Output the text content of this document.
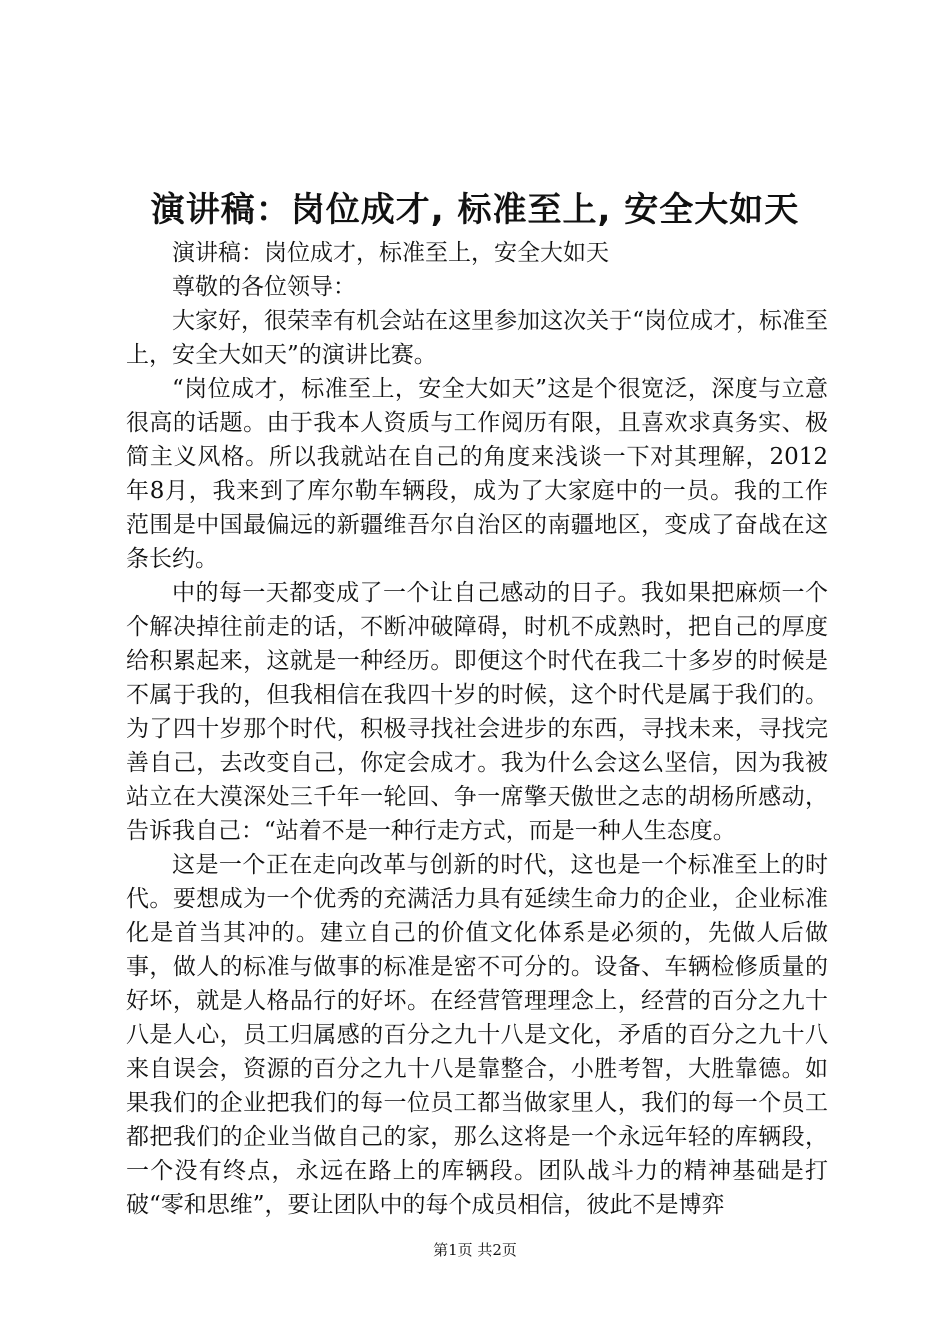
演讲稿：岗位成才, 标准至上, 安全大如天

演讲稿：岗位成才，标准至上，安全大如天

尊敬的各位领导：

大家好，很荣幸有机会站在这里参加这次关于“岗位成才，标准至上，安全大如天”的演讲比赛。

“岗位成才，标准至上，安全大如天”这是个很宽泛，深度与立意很高的话题。由于我本人资质与工作阅历有限，且喜欢求真务实、极简主义风格。所以我就站在自己的角度来浅谈一下对其理解，2012年8月，我来到了库尔勒车辆段，成为了大家庭中的一员。我的工作范围是中国最偏远的新疆维吾尔自治区的南疆地区，变成了奋战在这条长约。

中的每一天都变成了一个让自己感动的日子。我如果把麻烦一个个解决掉往前走的话，不断冲破障碍，时机不成熟时，把自己的厚度给积累起来，这就是一种经历。即便这个时代在我二十多岁的时候是不属于我的，但我相信在我四十岁的时候，这个时代是属于我们的。为了四十岁那个时代，积极寻找社会进步的东西，寻找未来，寻找完善自己，去改变自己，你定会成才。我为什么会这么坚信，因为我被站立在大漠深处三千年一轮回、争一席擎天傲世之志的胡杨所感动，告诉我自己：“站着不是一种行走方式，而是一种人生态度。

这是一个正在走向改革与创新的时代，这也是一个标准至上的时代。要想成为一个优秀的充满活力具有延续生命力的企业，企业标准化是首当其冲的。建立自己的价值文化体系是必须的，先做人后做事，做人的标准与做事的标准是密不可分的。设备、车辆检修质量的好坏，就是人格品行的好坏。在经营管理理念上，经营的百分之九十八是人心，员工归属感的百分之九十八是文化，矛盾的百分之九十八来自误会，资源的百分之九十八是靠整合，小胜考智，大胜靠德。如果我们的企业把我们的每一位员工都当做家里人，我们的每一个员工都把我们的企业当做自己的家，那么这将是一个永远年轻的库辆段，一个没有终点，永远在路上的库辆段。团队战斗力的精神基础是打破“零和思维”，要让团队中的每个成员相信，彼此不是博弈

第1页 共2页
